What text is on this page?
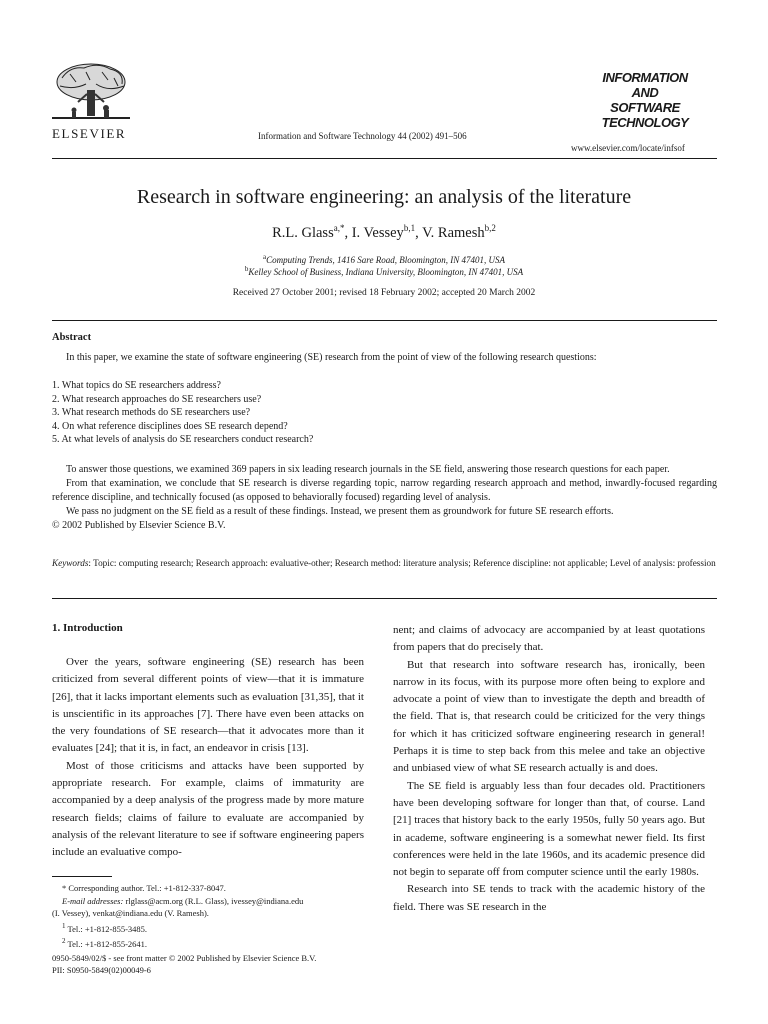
ELSEVIER	Information and Software Technology 44 (2002) 491–506
INFORMATION
AND
SOFTWARE
TECHNOLOGY
www.elsevier.com/locate/infsof
Research in software engineering: an analysis of the literature
R.L. Glass$^{a,*}$, I. Vessey$^{b,1}$, V. Ramesh$^{b,2}$
$^a$Computing Trends, 1416 Sare Road, Bloomington, IN 47401, USA
$^b$Kelley School of Business, Indiana University, Bloomington, IN 47401, USA
Received 27 October 2001; revised 18 February 2002; accepted 20 March 2002
Abstract
In this paper, we examine the state of software engineering (SE) research from the point of view of the following research questions:
1. What topics do SE researchers address?
2. What research approaches do SE researchers use?
3. What research methods do SE researchers use?
4. On what reference disciplines does SE research depend?
5. At what levels of analysis do SE researchers conduct research?
To answer those questions, we examined 369 papers in six leading research journals in the SE field, answering those research questions for each paper.
From that examination, we conclude that SE research is diverse regarding topic, narrow regarding research approach and method, inwardly-focused regarding reference discipline, and technically focused (as opposed to behaviorally focused) regarding level of analysis.
We pass no judgment on the SE field as a result of these findings. Instead, we present them as groundwork for future SE research efforts.
© 2002 Published by Elsevier Science B.V.
Keywords: Topic: computing research; Research approach: evaluative-other; Research method: literature analysis; Reference discipline: not applicable; Level of analysis: profession
1. Introduction

Over the years, software engineering (SE) research has been criticized from several different points of view—that it is immature [26], that it lacks important elements such as evaluation [31,35], that it is unscientific in its approaches [7]. There have even been attacks on the very foundations of SE research—that it advocates more than it evaluates [24]; that it is, in fact, an endeavor in crisis [13].

Most of those criticisms and attacks have been supported by appropriate research. For example, claims of immaturity are accompanied by a deep analysis of the progress made by more mature research fields; claims of failure to evaluate are accompanied by analysis of the relevant literature to see if software engineering papers include an evaluative compo-

nent; and claims of advocacy are accompanied by at least quotations from papers that do precisely that.

But that research into software research has, ironically, been narrow in its focus, with its purpose more often being to explore and advocate a point of view than to investigate the depth and breadth of the field. That is, that research could be criticized for the very things for which it has criticized software engineering research in general! Perhaps it is time to step back from this melee and take an objective and unbiased view of what SE research actually is and does.

The SE field is arguably less than four decades old. Practitioners have been developing software for longer than that, of course. Land [21] traces that history back to the early 1950s, fully 50 years ago. But in academe, software engineering is a somewhat newer field. Its first conferences were held in the late 1960s, and its academic presence did not begin to separate off from computer science until the early 1980s.

Research into SE tends to track with the academic history of the field. There was SE research in the

* Corresponding author. Tel.: +1-812-337-8047.
E-mail addresses: rlglass@acm.org (R.L. Glass), ivessey@indiana.edu
(I. Vessey), venkat@indiana.edu (V. Ramesh).
$^1$ Tel.: +1-812-855-3485.
$^2$ Tel.: +1-812-855-2641.
0950-5849/02/$ - see front matter © 2002 Published by Elsevier Science B.V.
PII: S0950-5849(02)00049-6
